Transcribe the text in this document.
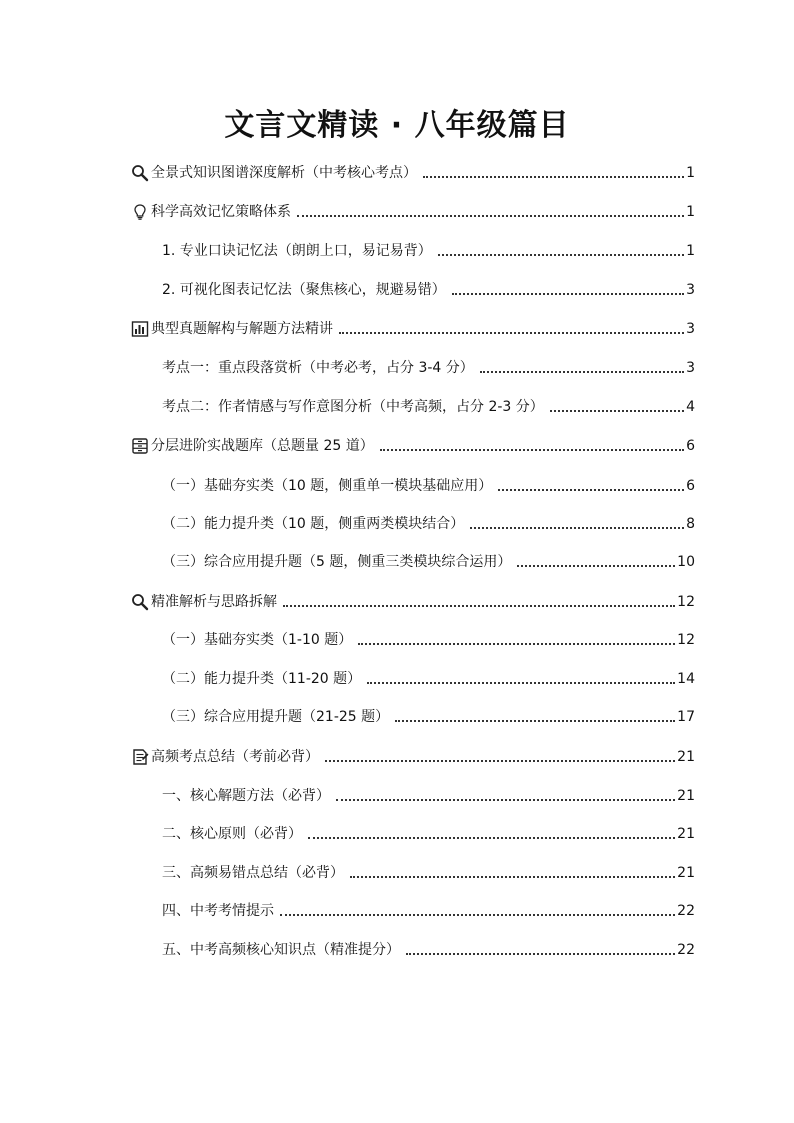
文言文精读 · 八年级篇目
全景式知识图谱深度解析（中考核心考点）	1
科学高效记忆策略体系	1
1. 专业口诀记忆法（朗朗上口，易记易背）	1
2. 可视化图表记忆法（聚焦核心，规避易错）	3
典型真题解构与解题方法精讲	3
考点一：重点段落赏析（中考必考，占分 3-4 分）	3
考点二：作者情感与写作意图分析（中考高频，占分 2-3 分）	4
分层进阶实战题库（总题量 25 道）	6
（一）基础夯实类（10 题，侧重单一模块基础应用）	6
（二）能力提升类（10 题，侧重两类模块结合）	8
（三）综合应用提升题（5 题，侧重三类模块综合运用）	10
精准解析与思路拆解	12
（一）基础夯实类（1-10 题）	12
（二）能力提升类（11-20 题）	14
（三）综合应用提升题（21-25 题）	17
高频考点总结（考前必背）	21
一、核心解题方法（必背）	21
二、核心原则（必背）	21
三、高频易错点总结（必背）	21
四、中考考情提示	22
五、中考高频核心知识点（精准提分）	22
